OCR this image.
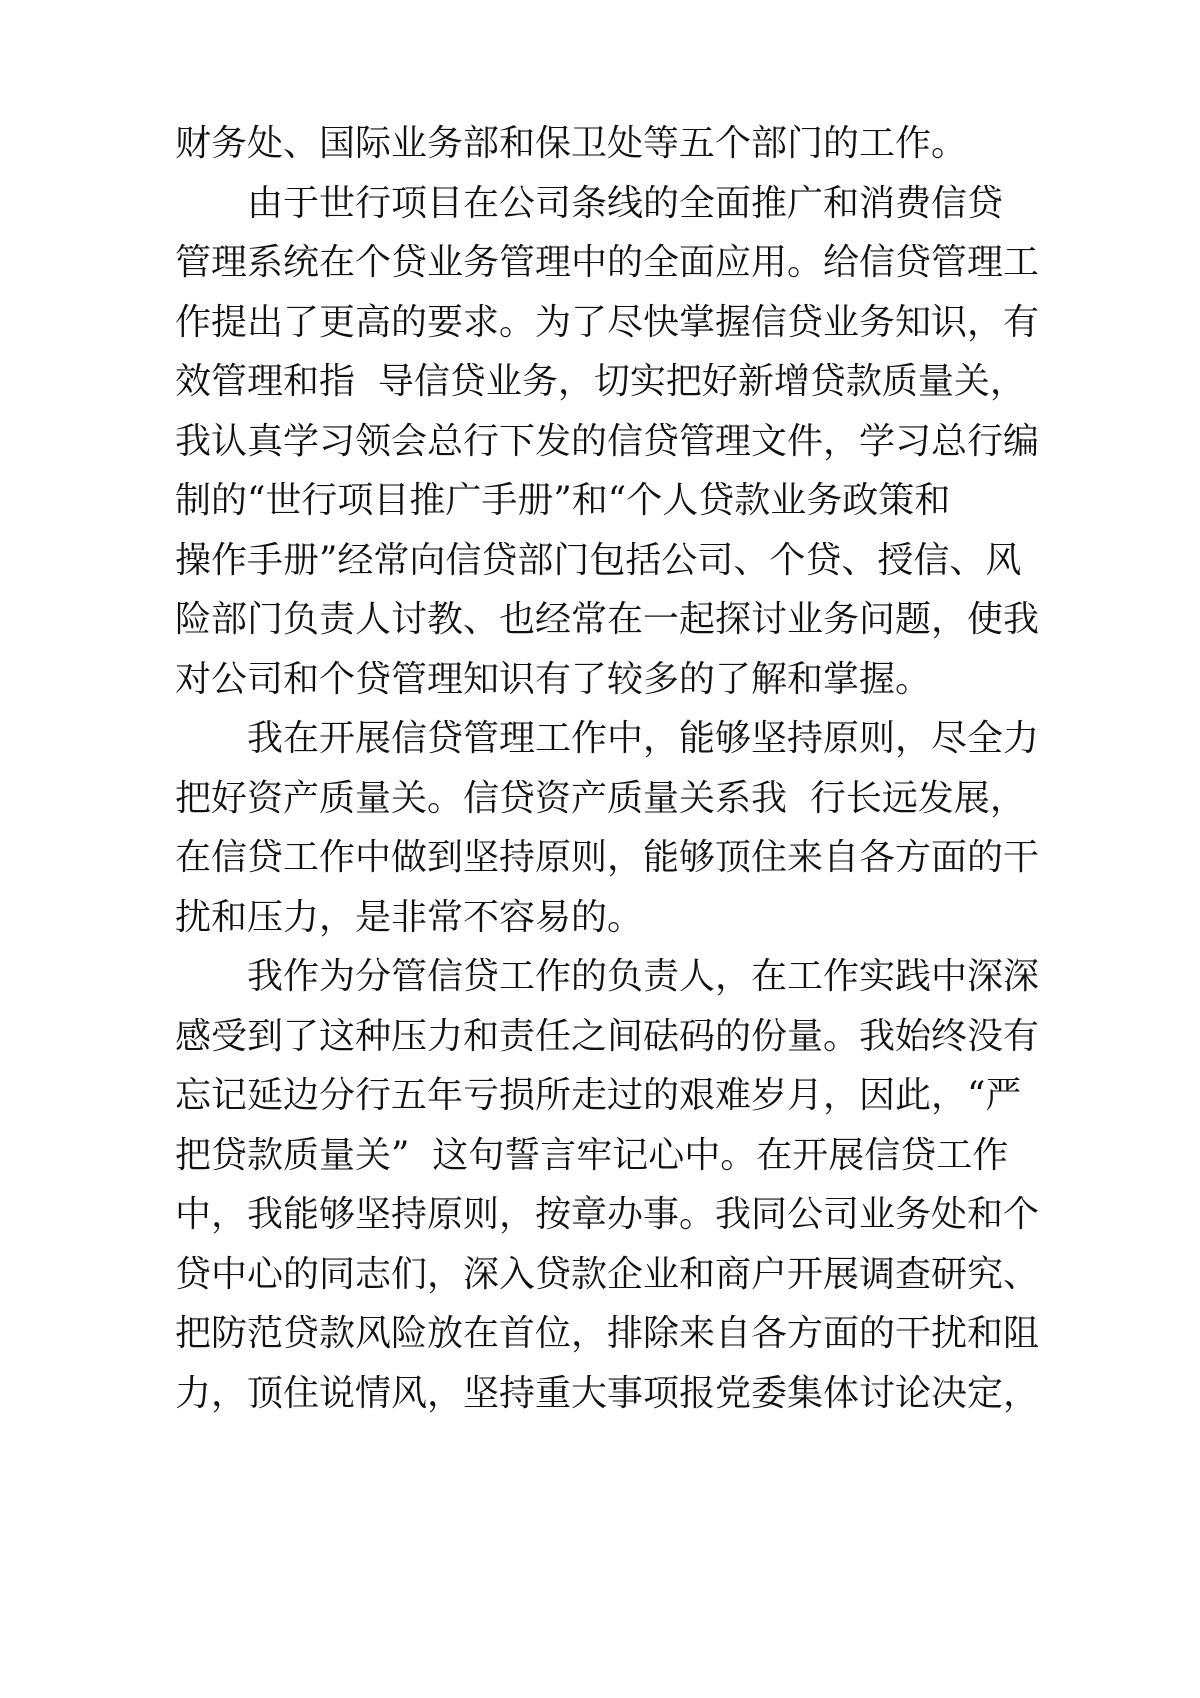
财务处、国际业务部和保卫处等五个部门的工作。
由于世行项目在公司条线的全面推广和消费信贷
管理系统在个贷业务管理中的全面应用。给信贷管理工
作提出了更高的要求。为了尽快掌握信贷业务知识，有
效管理和指  导信贷业务，切实把好新增贷款质量关，
我认真学习领会总行下发的信贷管理文件，学习总行编
制的“世行项目推广手册”和“个人贷款业务政策和
操作手册”经常向信贷部门包括公司、个贷、授信、风
险部门负责人讨教、也经常在一起探讨业务问题，使我
对公司和个贷管理知识有了较多的了解和掌握。
我在开展信贷管理工作中，能够坚持原则，尽全力
把好资产质量关。信贷资产质量关系我  行长远发展，
在信贷工作中做到坚持原则，能够顶住来自各方面的干
扰和压力，是非常不容易的。
我作为分管信贷工作的负责人，在工作实践中深深
感受到了这种压力和责任之间砝码的份量。我始终没有
忘记延边分行五年亏损所走过的艰难岁月，因此，“严
把贷款质量关”  这句誓言牢记心中。在开展信贷工作
中，我能够坚持原则，按章办事。我同公司业务处和个
贷中心的同志们，深入贷款企业和商户开展调查研究、
把防范贷款风险放在首位，排除来自各方面的干扰和阻
力，顶住说情风，坚持重大事项报党委集体讨论决定，
